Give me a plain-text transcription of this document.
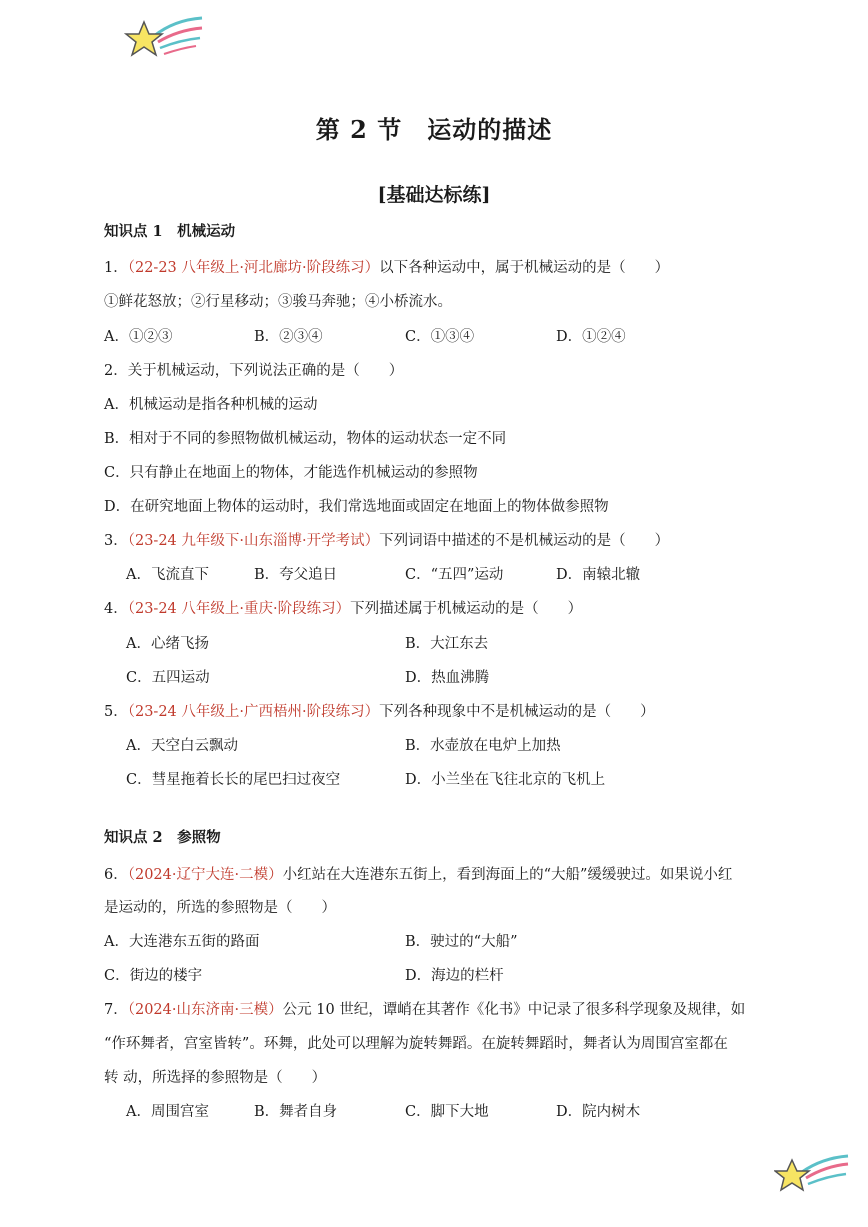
第 2 节　运动的描述
[基础达标练]
知识点 1　机械运动
1．（22-23 八年级上·河北廊坊·阶段练习）以下各种运动中，属于机械运动的是（　　）
①鲜花怒放；②行星移动；③骏马奔驰；④小桥流水。
A．①②③	B．②③④	C．①③④	D．①②④
2．关于机械运动，下列说法正确的是（　　）
A．机械运动是指各种机械的运动
B．相对于不同的参照物做机械运动，物体的运动状态一定不同
C．只有静止在地面上的物体，才能选作机械运动的参照物
D．在研究地面上物体的运动时，我们常选地面或固定在地面上的物体做参照物
3．（23-24 九年级下·山东淄博·开学考试）下列词语中描述的不是机械运动的是（　　）
A．飞流直下	B．夸父追日	C．“五四”运动	D．南辕北辙
4．（23-24 八年级上·重庆·阶段练习）下列描述属于机械运动的是（　　）
A．心绪飞扬	B．大江东去
C．五四运动	D．热血沸腾
5．（23-24 八年级上·广西梧州·阶段练习）下列各种现象中不是机械运动的是（　　）
A．天空白云飘动	B．水壶放在电炉上加热
C．彗星拖着长长的尾巴扫过夜空	D．小兰坐在飞往北京的飞机上
知识点 2　参照物
6．（2024·辽宁大连·二模）小红站在大连港东五街上，看到海面上的“大船”缓缓驶过。如果说小红
是运动的，所选的参照物是（　　）
A．大连港东五街的路面	B．驶过的“大船”
C．街边的楼宇	D．海边的栏杆
7．（2024·山东济南·三模）公元 10 世纪，谭峭在其著作《化书》中记录了很多科学现象及规律，如
“作环舞者，宫室皆转”。环舞，此处可以理解为旋转舞蹈。在旋转舞蹈时，舞者认为周围宫室都在
转 动，所选择的参照物是（　　）
A．周围宫室	B．舞者自身	C．脚下大地	D．院内树木
